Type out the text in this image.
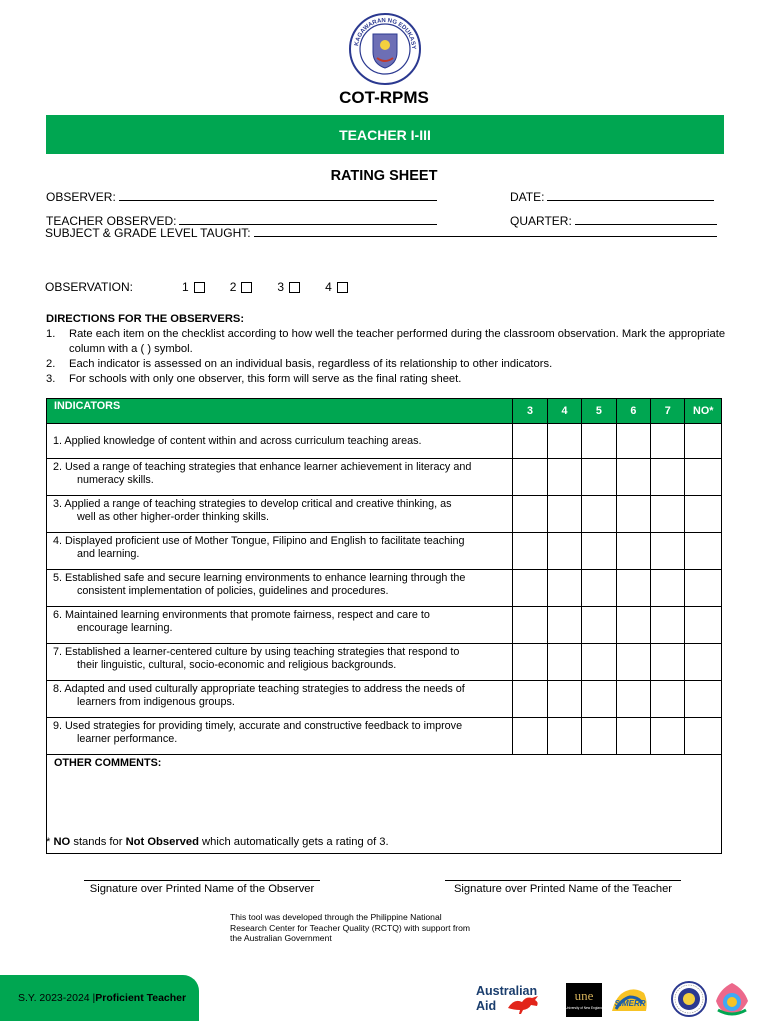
KAGAWARAN NG EDUKASY
COT-RPMS
TEACHER I-III
RATING SHEET
OBSERVER:	DATE:
TEACHER OBSERVED:	QUARTER:
SUBJECT & GRADE LEVEL TAUGHT:
OBSERVATION:	1	2	3	4
DIRECTIONS FOR THE OBSERVERS:
1.	Rate each item on the checklist according to how well the teacher performed during the classroom observation. Mark the appropriate column with a ( ) symbol.
2.	Each indicator is assessed on an individual basis, regardless of its relationship to other indicators.
3.	For schools with only one observer, this form will serve as the final rating sheet.
INDICATORS	3	4	5	6	7	NO*

1. Applied knowledge of content within and across curriculum teaching areas.						

2. Used a range of teaching strategies that enhance learner achievement in literacy and
numeracy skills.						

3. Applied a range of teaching strategies to develop critical and creative thinking, as
well as other higher-order thinking skills.						

4. Displayed proficient use of Mother Tongue, Filipino and English to facilitate teaching
and learning.						

5. Established safe and secure learning environments to enhance learning through the
consistent implementation of policies, guidelines and procedures.						

6. Maintained learning environments that promote fairness, respect and care to
encourage learning.						

7. Established a learner-centered culture by using teaching strategies that respond to
their linguistic, cultural, socio-economic and religious backgrounds.						

8. Adapted and used culturally appropriate teaching strategies to address the needs of
learners from indigenous groups.						

9. Used strategies for providing timely, accurate and constructive feedback to improve
learner performance.						

OTHER COMMENTS:						
* NO stands for Not Observed which automatically gets a rating of 3.
Signature over Printed Name of the Observer	Signature over Printed Name of the Teacher
This tool was developed through the Philippine National
Research Center for Teacher Quality (RCTQ) with support from
the Australian Government
S.Y. 2023-2024 | Proficient Teacher	Australian
Aid
une
University of New England SiMERR
